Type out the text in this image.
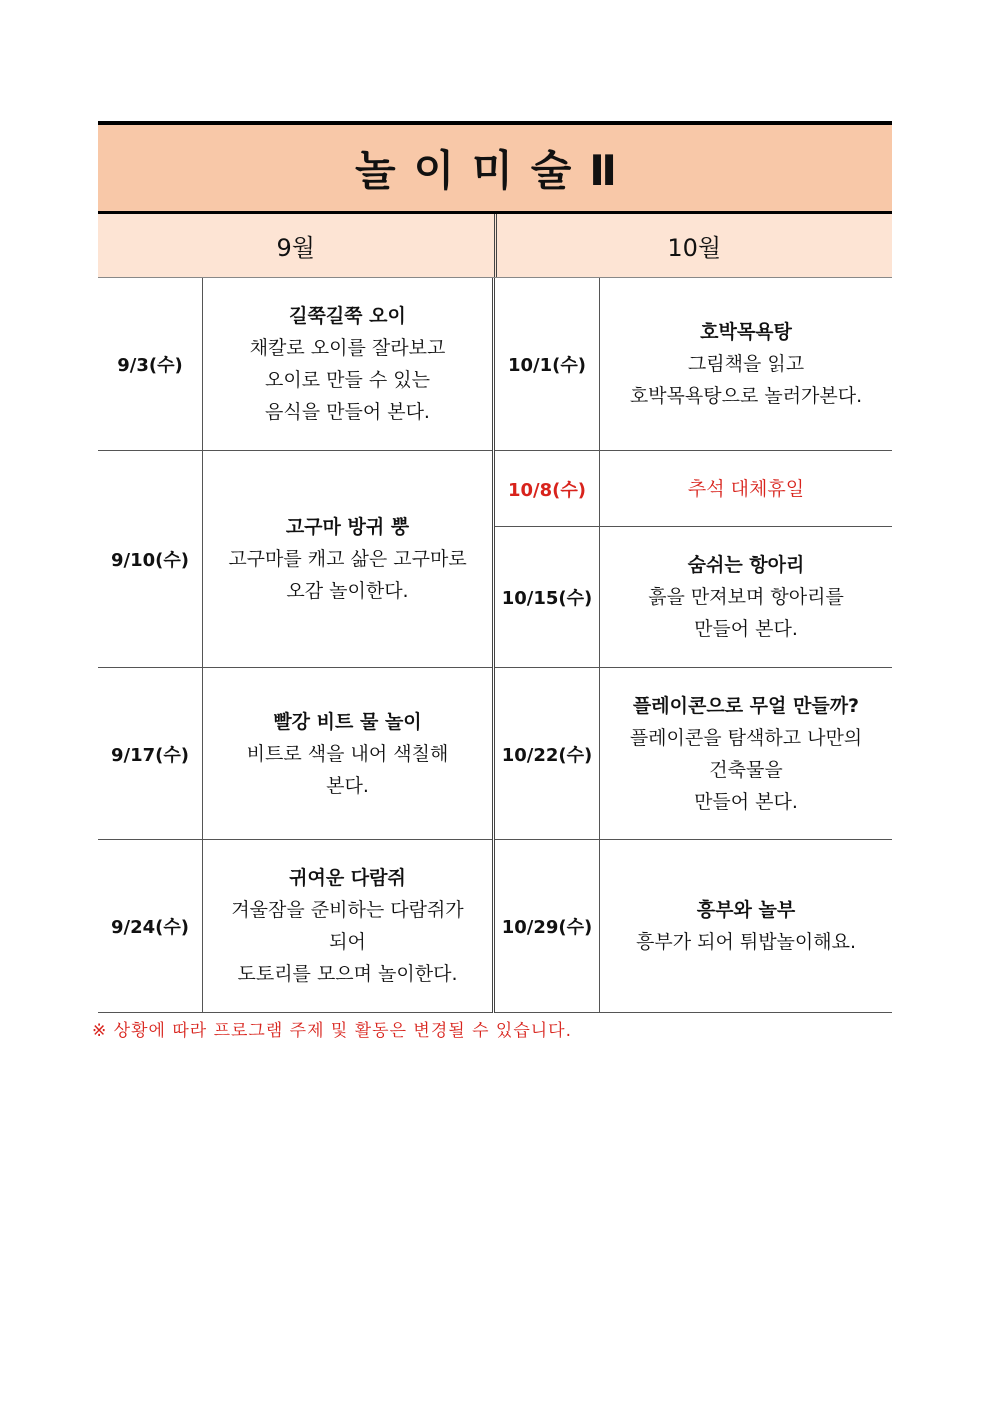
놀이미술Ⅱ
9월	10월
9/3(수)
길쭉길쭉 오이
채칼로 오이를 잘라보고
오이로 만들 수 있는
음식을 만들어 본다.
9/10(수)
고구마 방귀 뿡
고구마를 캐고 삶은 고구마로
오감 놀이한다.
9/17(수)
빨강 비트 물 놀이
비트로 색을 내어 색칠해
본다.
9/24(수)
귀여운 다람쥐
겨울잠을 준비하는 다람쥐가
되어
도토리를 모으며 놀이한다.
10/1(수)
호박목욕탕
그림책을 읽고
호박목욕탕으로 놀러가본다.
10/8(수)	추석 대체휴일
10/15(수)
숨쉬는 항아리
흙을 만져보며 항아리를
만들어 본다.
10/22(수)
플레이콘으로 무얼 만들까?
플레이콘을 탐색하고 나만의
건축물을
만들어 본다.
10/29(수)
흥부와 놀부
흥부가 되어 튀밥놀이해요.
※ 상황에 따라 프로그램 주제 및 활동은 변경될 수 있습니다.
